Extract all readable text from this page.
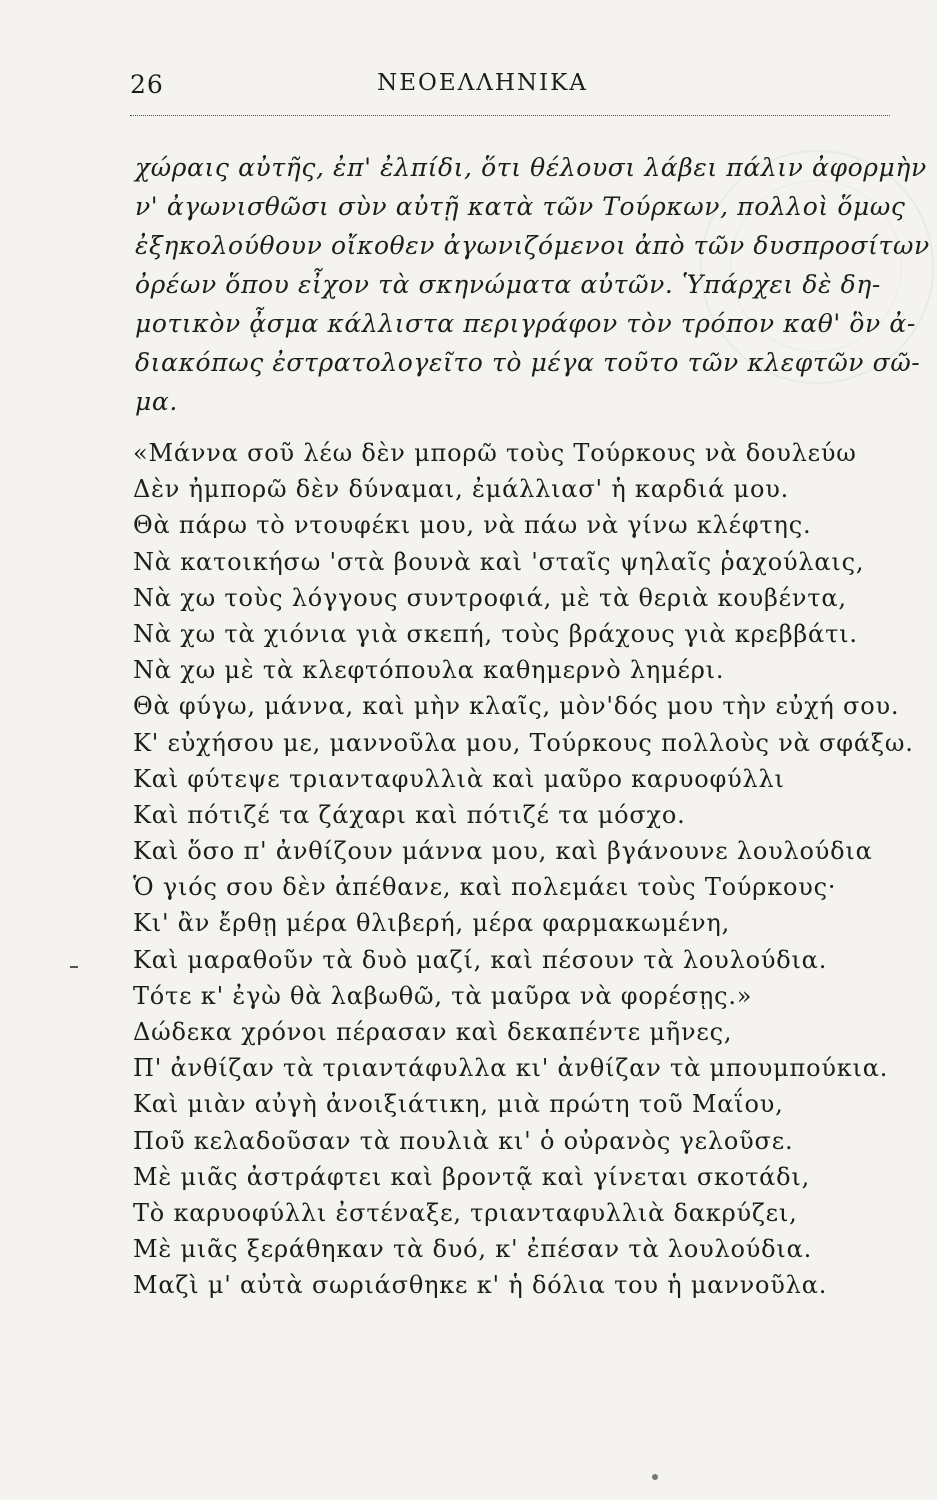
26	ΝΕΟΕΛΛΗΝΙΚΑ
χώραις αὐτῆς, ἐπ' ἐλπίδι, ὅτι θέλουσι λάβει πάλιν ἀφορμὴν
ν' ἀγωνισθῶσι σὺν αὐτῇ κατὰ τῶν Τούρκων, πολλοὶ ὅμως
ἐξηκολούθουν οἴκοθεν ἀγωνιζόμενοι ἀπὸ τῶν δυσπροσίτων
ὀρέων ὅπου εἶχον τὰ σκηνώματα αὐτῶν. Ὑπάρχει δὲ δη-
μοτικὸν ᾆσμα κάλλιστα περιγράφον τὸν τρόπον καθ' ὃν ἀ-
διακόπως ἐστρατολογεῖτο τὸ μέγα τοῦτο τῶν κλεφτῶν σῶ-
μα.
«Μάννα σοῦ λέω δὲν μπορῶ τοὺς Τούρκους νὰ δουλεύω
Δὲν ἠμπορῶ δὲν δύναμαι, ἐμάλλιασ' ἡ καρδιά μου.
Θὰ πάρω τὸ ντουφέκι μου, νὰ πάω νὰ γίνω κλέφτης.
Νὰ κατοικήσω 'στὰ βουνὰ καὶ 'σταῖς ψηλαῖς ῥαχούλαις,
Νὰ χω τοὺς λόγγους συντροφιά, μὲ τὰ θεριὰ κουβέντα,
Νὰ χω τὰ χιόνια γιὰ σκεπή, τοὺς βράχους γιὰ κρεββάτι.
Νὰ χω μὲ τὰ κλεφτόπουλα καθημερνὸ λημέρι.
Θὰ φύγω, μάννα, καὶ μὴν κλαῖς, μὸν'δός μου τὴν εὐχή σου.
Κ' εὐχήσου με, μαννοῦλα μου, Τούρκους πολλοὺς νὰ σφάξω.
Καὶ φύτεψε τριανταφυλλιὰ καὶ μαῦρο καρυοφύλλι
Καὶ πότιζέ τα ζάχαρι καὶ πότιζέ τα μόσχο.
Καὶ ὅσο π' ἀνθίζουν μάννα μου, καὶ βγάνουνε λουλούδια
Ὁ γιός σου δὲν ἀπέθανε, καὶ πολεμάει τοὺς Τούρκους·
Κι' ἂν ἔρθῃ μέρα θλιβερή, μέρα φαρμακωμένη,
Καὶ μαραθοῦν τὰ δυὸ μαζί, καὶ πέσουν τὰ λουλούδια.
Τότε κ' ἐγὼ θὰ λαβωθῶ, τὰ μαῦρα νὰ φορέσῃς.»
Δώδεκα χρόνοι πέρασαν καὶ δεκαπέντε μῆνες,
Π' ἀνθίζαν τὰ τριαντάφυλλα κι' ἀνθίζαν τὰ μπουμπούκια.
Καὶ μιὰν αὐγὴ ἀνοιξιάτικη, μιὰ πρώτη τοῦ Μαΐου,
Ποῦ κελαδοῦσαν τὰ πουλιὰ κι' ὁ οὐρανὸς γελοῦσε.
Μὲ μιᾶς ἀστράφτει καὶ βροντᾷ καὶ γίνεται σκοτάδι,
Τὸ καρυοφύλλι ἐστέναξε, τριανταφυλλιὰ δακρύζει,
Μὲ μιᾶς ξεράθηκαν τὰ δυό, κ' ἐπέσαν τὰ λουλούδια.
Μαζὶ μ' αὐτὰ σωριάσθηκε κ' ἡ δόλια του ἡ μαννοῦλα.
